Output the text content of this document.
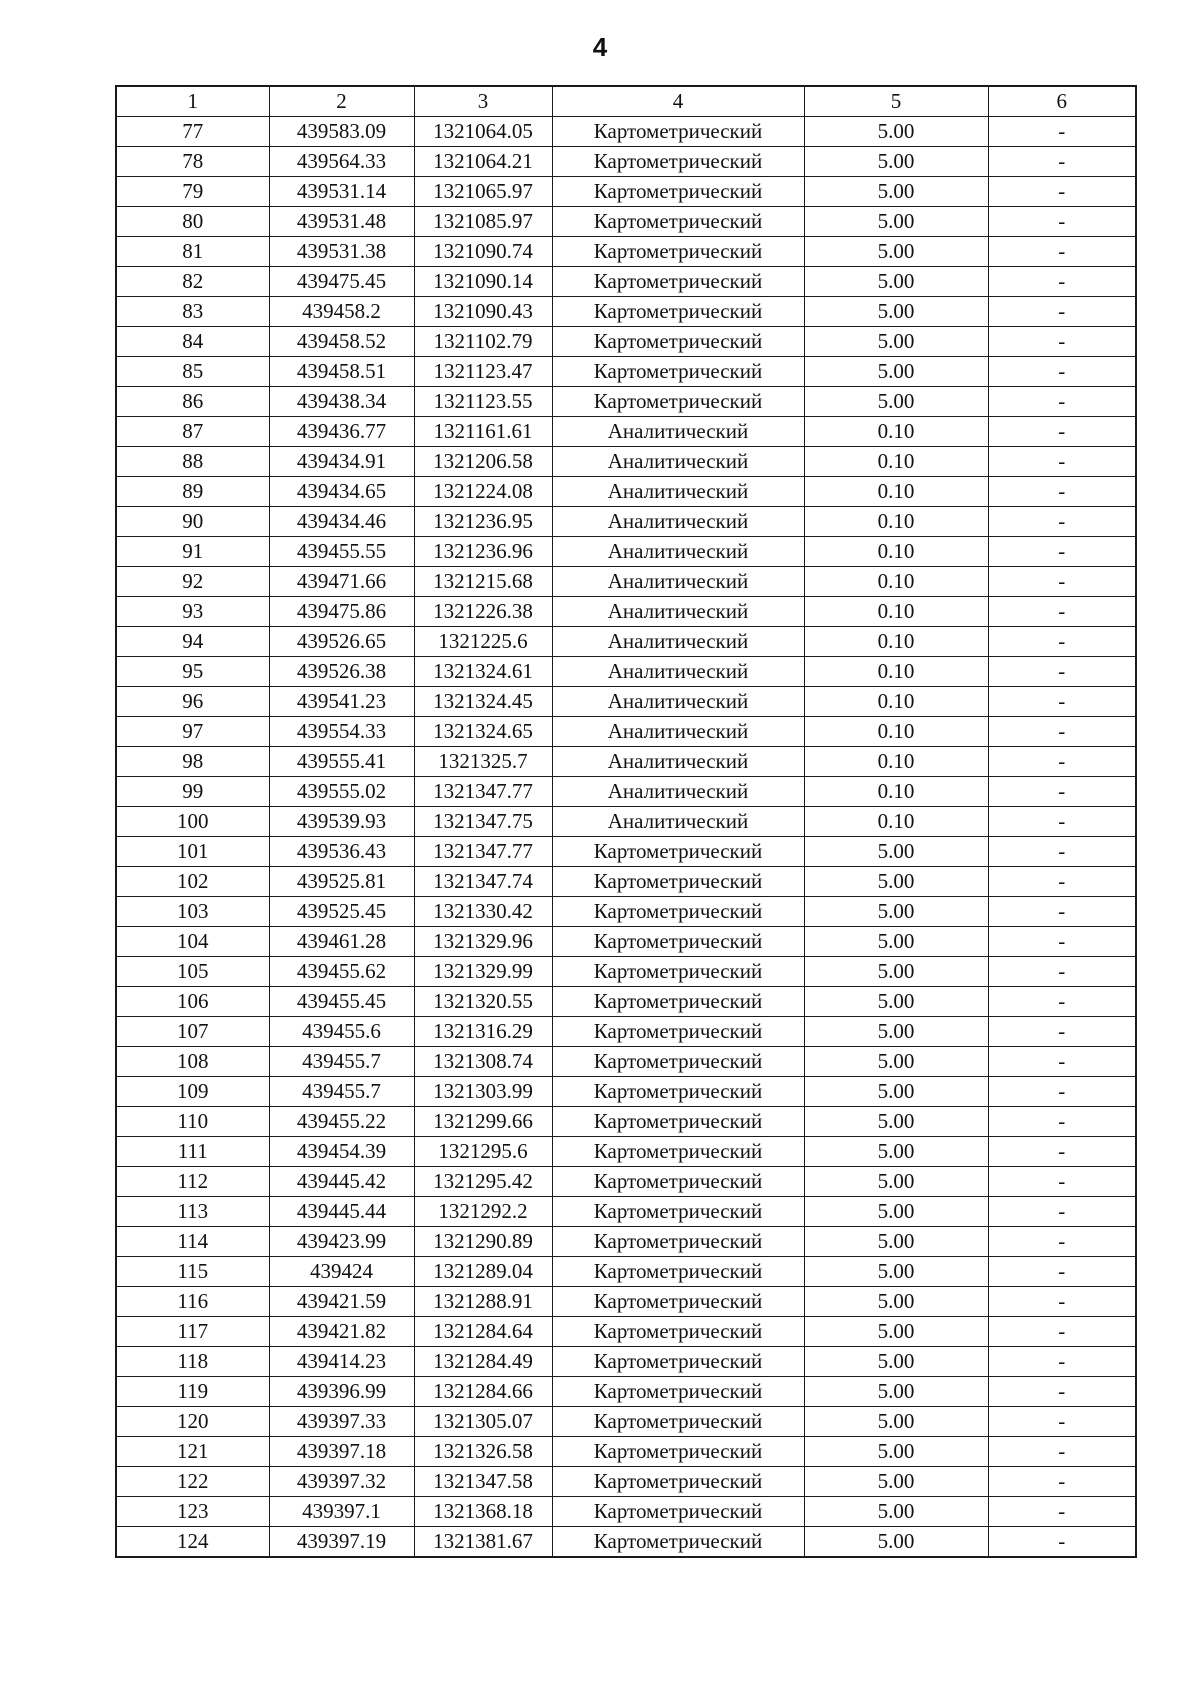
4
1	2	3	4	5	6
77	439583.09	1321064.05	Картометрический	5.00	-
78	439564.33	1321064.21	Картометрический	5.00	-
79	439531.14	1321065.97	Картометрический	5.00	-
80	439531.48	1321085.97	Картометрический	5.00	-
81	439531.38	1321090.74	Картометрический	5.00	-
82	439475.45	1321090.14	Картометрический	5.00	-
83	439458.2	1321090.43	Картометрический	5.00	-
84	439458.52	1321102.79	Картометрический	5.00	-
85	439458.51	1321123.47	Картометрический	5.00	-
86	439438.34	1321123.55	Картометрический	5.00	-
87	439436.77	1321161.61	Аналитический	0.10	-
88	439434.91	1321206.58	Аналитический	0.10	-
89	439434.65	1321224.08	Аналитический	0.10	-
90	439434.46	1321236.95	Аналитический	0.10	-
91	439455.55	1321236.96	Аналитический	0.10	-
92	439471.66	1321215.68	Аналитический	0.10	-
93	439475.86	1321226.38	Аналитический	0.10	-
94	439526.65	1321225.6	Аналитический	0.10	-
95	439526.38	1321324.61	Аналитический	0.10	-
96	439541.23	1321324.45	Аналитический	0.10	-
97	439554.33	1321324.65	Аналитический	0.10	-
98	439555.41	1321325.7	Аналитический	0.10	-
99	439555.02	1321347.77	Аналитический	0.10	-
100	439539.93	1321347.75	Аналитический	0.10	-
101	439536.43	1321347.77	Картометрический	5.00	-
102	439525.81	1321347.74	Картометрический	5.00	-
103	439525.45	1321330.42	Картометрический	5.00	-
104	439461.28	1321329.96	Картометрический	5.00	-
105	439455.62	1321329.99	Картометрический	5.00	-
106	439455.45	1321320.55	Картометрический	5.00	-
107	439455.6	1321316.29	Картометрический	5.00	-
108	439455.7	1321308.74	Картометрический	5.00	-
109	439455.7	1321303.99	Картометрический	5.00	-
110	439455.22	1321299.66	Картометрический	5.00	-
111	439454.39	1321295.6	Картометрический	5.00	-
112	439445.42	1321295.42	Картометрический	5.00	-
113	439445.44	1321292.2	Картометрический	5.00	-
114	439423.99	1321290.89	Картометрический	5.00	-
115	439424	1321289.04	Картометрический	5.00	-
116	439421.59	1321288.91	Картометрический	5.00	-
117	439421.82	1321284.64	Картометрический	5.00	-
118	439414.23	1321284.49	Картометрический	5.00	-
119	439396.99	1321284.66	Картометрический	5.00	-
120	439397.33	1321305.07	Картометрический	5.00	-
121	439397.18	1321326.58	Картометрический	5.00	-
122	439397.32	1321347.58	Картометрический	5.00	-
123	439397.1	1321368.18	Картометрический	5.00	-
124	439397.19	1321381.67	Картометрический	5.00	-
